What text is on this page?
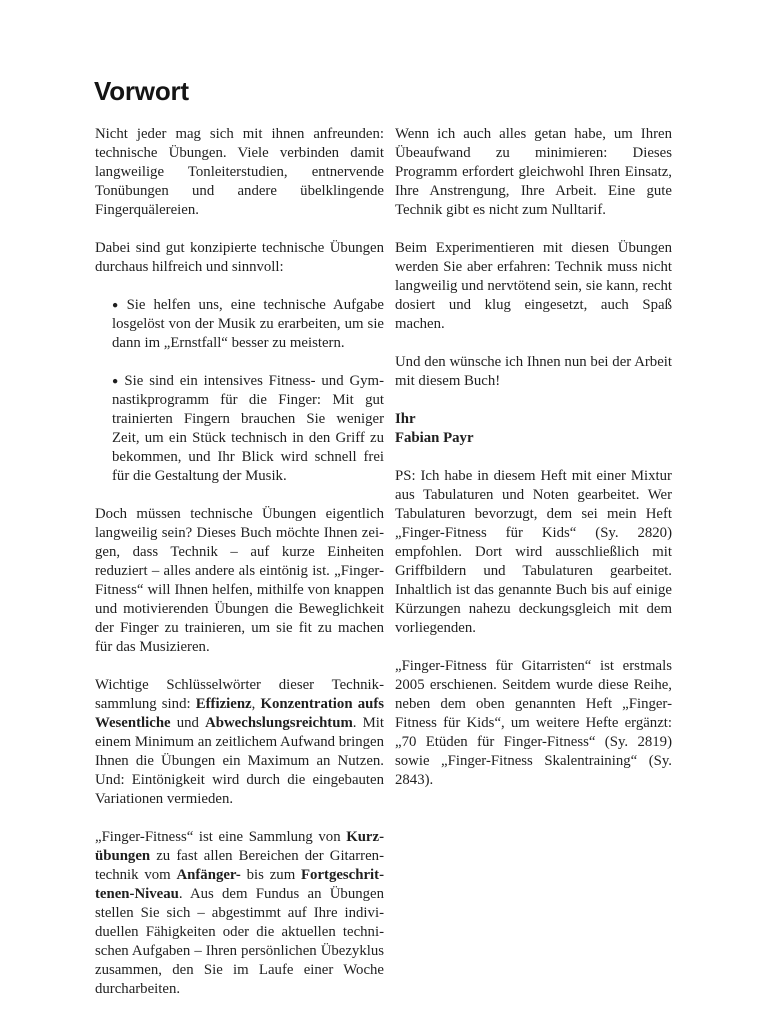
Vorwort

Nicht jeder mag sich mit ihnen anfreunden: technische Übungen. Viele verbinden damit langweilige Tonleiterstudien, entnervende Tonübungen und andere übelklingende Fingerquälereien.

Dabei sind gut konzipierte technische Übungen durchaus hilfreich und sinnvoll:

● Sie helfen uns, eine technische Aufgabe losgelöst von der Musik zu erarbeiten, um sie dann im „Ernstfall“ besser zu meistern.

● Sie sind ein intensives Fitness- und Gymnastikprogramm für die Finger: Mit gut trainierten Fingern brauchen Sie weniger Zeit, um ein Stück technisch in den Griff zu bekommen, und Ihr Blick wird schnell frei für die Gestaltung der Musik.

Doch müssen technische Übungen eigentlich langweilig sein? Dieses Buch möchte Ihnen zeigen, dass Technik – auf kurze Einheiten reduziert – alles andere als eintönig ist. „Finger-Fitness“ will Ihnen helfen, mithilfe von knappen und motivierenden Übungen die Beweglichkeit der Finger zu trainieren, um sie fit zu machen für das Musizieren.

Wichtige Schlüsselwörter dieser Techniksammlung sind: Effizienz, Konzentration aufs Wesentliche und Abwechslungsreichtum. Mit einem Minimum an zeitlichem Aufwand bringen Ihnen die Übungen ein Maximum an Nutzen. Und: Eintönigkeit wird durch die eingebauten Variationen vermieden.

„Finger-Fitness“ ist eine Sammlung von Kurzübungen zu fast allen Bereichen der Gitarrentechnik vom Anfänger- bis zum Fortgeschrittenen-Niveau. Aus dem Fundus an Übungen stellen Sie sich – abgestimmt auf Ihre individuellen Fähigkeiten oder die aktuellen technischen Aufgaben – Ihren persönlichen Übezyklus zusammen, den Sie im Laufe einer Woche durcharbeiten.

Wenn ich auch alles getan habe, um Ihren Übeaufwand zu minimieren: Dieses Programm erfordert gleichwohl Ihren Einsatz, Ihre Anstrengung, Ihre Arbeit. Eine gute Technik gibt es nicht zum Nulltarif.

Beim Experimentieren mit diesen Übungen werden Sie aber erfahren: Technik muss nicht langweilig und nervtötend sein, sie kann, recht dosiert und klug eingesetzt, auch Spaß machen.

Und den wünsche ich Ihnen nun bei der Arbeit mit diesem Buch!

Ihr
Fabian Payr

PS: Ich habe in diesem Heft mit einer Mixtur aus Tabulaturen und Noten gearbeitet. Wer Tabulaturen bevorzugt, dem sei mein Heft „Finger-Fitness für Kids“ (Sy. 2820) empfohlen. Dort wird ausschließlich mit Griffbildern und Tabulaturen gearbeitet. Inhaltlich ist das genannte Buch bis auf einige Kürzungen nahezu deckungsgleich mit dem vorliegenden.

„Finger-Fitness für Gitarristen“ ist erstmals 2005 erschienen. Seitdem wurde diese Reihe, neben dem oben genannten Heft „Finger-Fitness für Kids“, um weitere Hefte ergänzt: „70 Etüden für Finger-Fitness“ (Sy. 2819) sowie „Finger-Fitness Skalentraining“ (Sy. 2843).
